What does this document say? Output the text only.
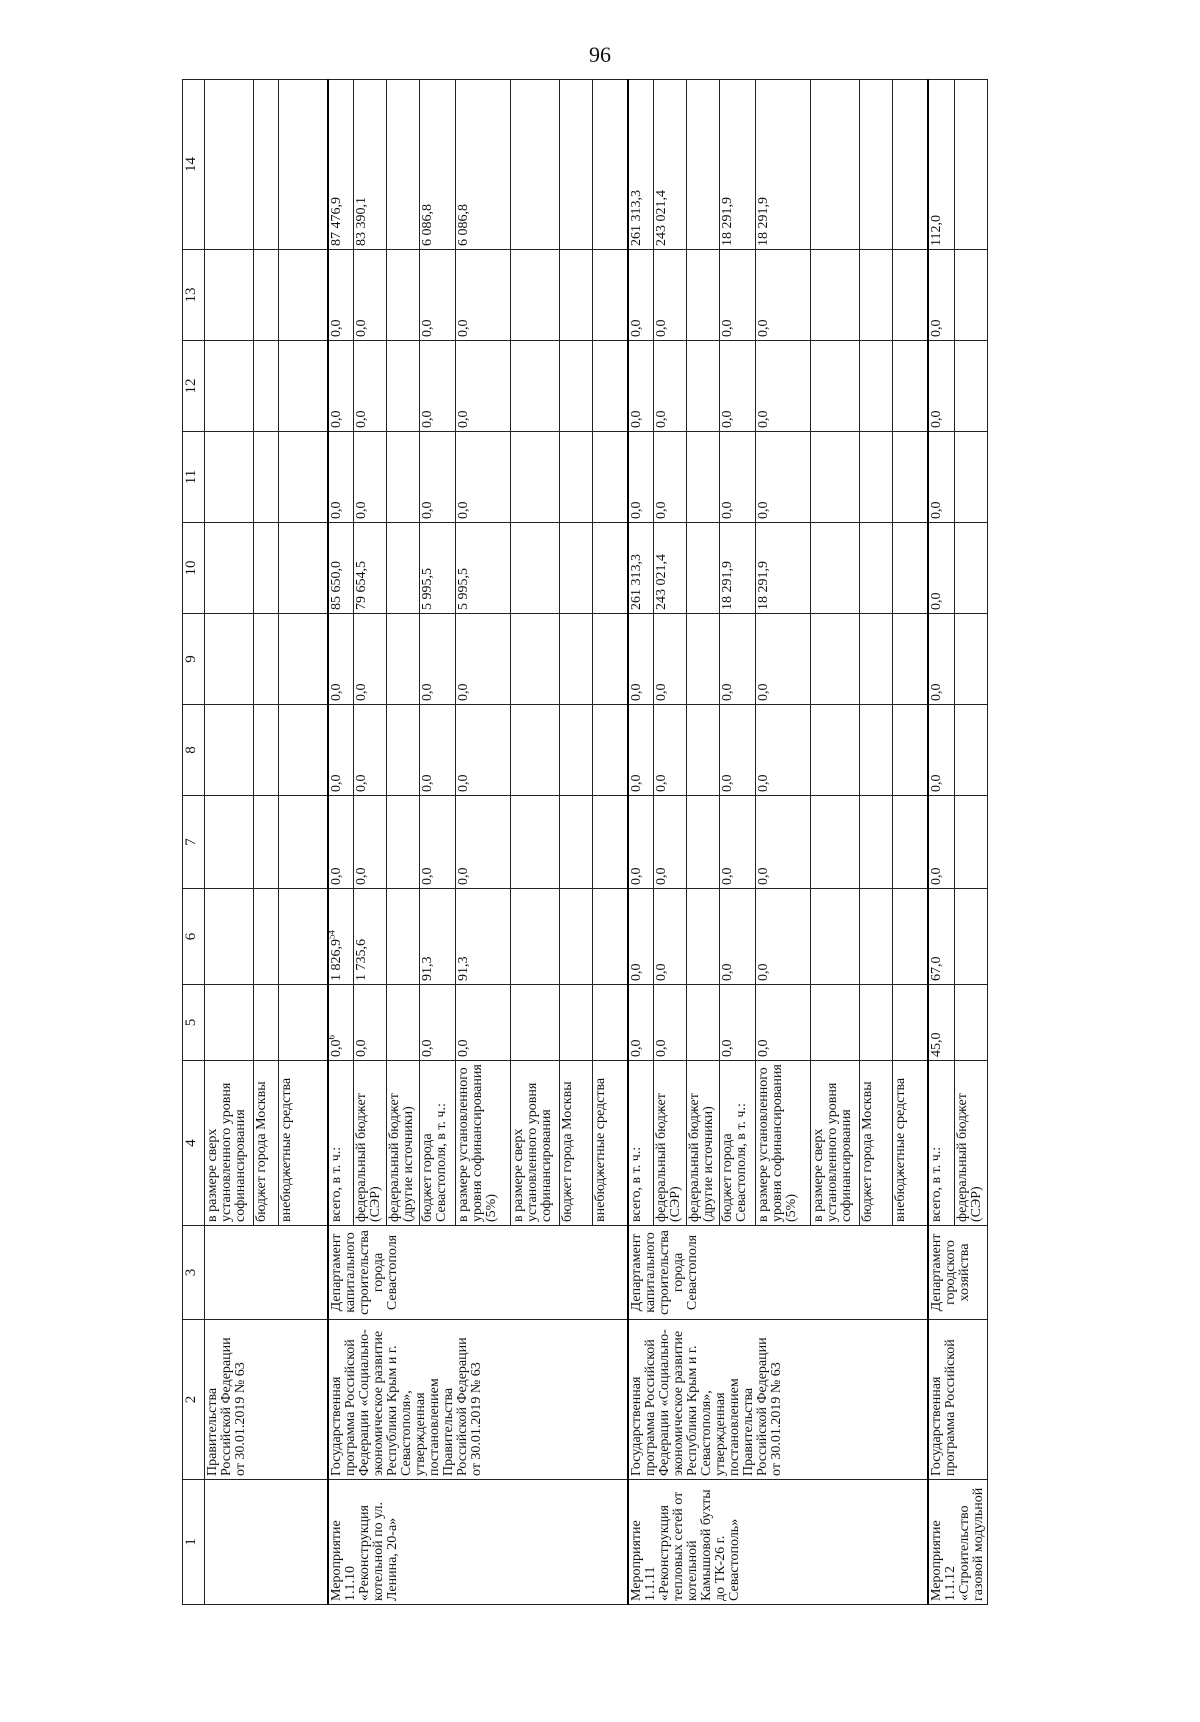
96
1	2	3	4	5	6	7	8	9	10	11	12	13	14
	Правительства Российской Федерации от 30.01.2019 № 63		в размере сверх установленного уровня софинансирования										
			бюджет города Москвы										
			внебюджетные средства										
Мероприятие 1.1.10 «Реконструкция котельной по ул. Ленина, 20-а»	Государственная программа Российской Федерации «Социально-экономическое развитие Республики Крым и г. Севастополя», утвержденная постановлением Правительства Российской Федерации от 30.01.2019 № 63	Департамент капитального строительства города Севастополя	всего, в т. ч.:	$0,0^6$	1 826,9$^{54}$	0,0	0,0	0,0	85 650,0	0,0	0,0	0,0	87 476,9
			федеральный бюджет (СЭР)	0,0	1 735,6	0,0	0,0	0,0	79 654,5	0,0	0,0	0,0	83 390,1
			федеральный бюджет (другие источники)										
			бюджет города Севастополя, в т. ч.:	0,0	91,3	0,0	0,0	0,0	5 995,5	0,0	0,0	0,0	6 086,8
			в размере установленного уровня софинансирования (5%)	0,0	91,3	0,0	0,0	0,0	5 995,5	0,0	0,0	0,0	6 086,8
			в размере сверх установленного уровня софинансирования										
			бюджет города Москвы										
			внебюджетные средства										
Мероприятие 1.1.11 «Реконструкция тепловых сетей от котельной Камышовой бухты до ТК-26 г. Севастополь»	Государственная программа Российской Федерации «Социально-экономическое развитие Республики Крым и г. Севастополя», утвержденная постановлением Правительства Российской Федерации от 30.01.2019 № 63	Департамент капитального строительства города Севастополя	всего, в т. ч.:	0,0	0,0	0,0	0,0	0,0	261 313,3	0,0	0,0	0,0	261 313,3
			федеральный бюджет (СЭР)	0,0	0,0	0,0	0,0	0,0	243 021,4	0,0	0,0	0,0	243 021,4
			федеральный бюджет (другие источники)										
			бюджет города Севастополя, в т. ч.:	0,0	0,0	0,0	0,0	0,0	18 291,9	0,0	0,0	0,0	18 291,9
			в размере установленного уровня софинансирования (5%)	0,0	0,0	0,0	0,0	0,0	18 291,9	0,0	0,0	0,0	18 291,9
			в размере сверх установленного уровня софинансирования										
			бюджет города Москвы										
			внебюджетные средства										
Мероприятие 1.1.12 «Строительство газовой модульной	Государственная программа Российской	Департамент городского хозяйства	всего, в т. ч.:	45,0	67,0	0,0	0,0	0,0	0,0	0,0	0,0	0,0	112,0
			федеральный бюджет (СЭР)										
